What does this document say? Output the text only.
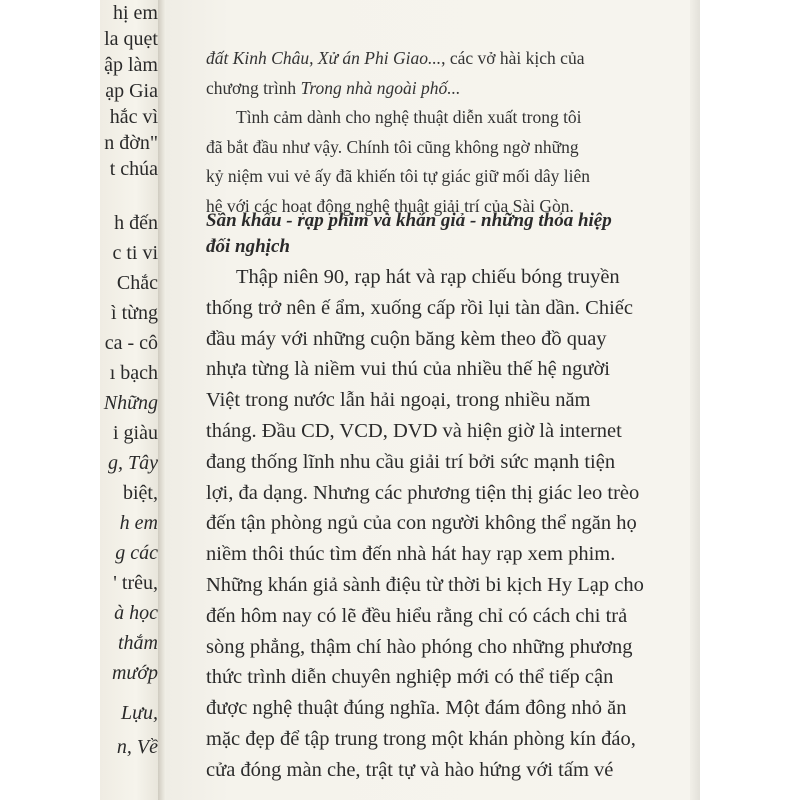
hị em
la quẹt
ập làm
ạp Gia
hắc vì
n đờn"
t chúa
h đến
c ti vi
Chắc
ì từng
ca - cô
ı bạch
Những
i giàu
g, Tây
biệt,
h em
g các
' trêu,
à học
thắm
mướp
Lựu,
n, Về
đất Kinh Châu, Xử án Phi Giao..., các vở hài kịch của
chương trình Trong nhà ngoài phố...
Tình cảm dành cho nghệ thuật diễn xuất trong tôi
đã bắt đầu như vậy. Chính tôi cũng không ngờ những
kỷ niệm vui vẻ ấy đã khiến tôi tự giác giữ mối dây liên
hệ với các hoạt động nghệ thuật giải trí của Sài Gòn.
Sân khấu - rạp phim và khán giả - những thỏa hiệp
đối nghịch
Thập niên 90, rạp hát và rạp chiếu bóng truyền
thống trở nên ế ẩm, xuống cấp rồi lụi tàn dần. Chiếc
đầu máy với những cuộn băng kèm theo đồ quay
nhựa từng là niềm vui thú của nhiều thế hệ người
Việt trong nước lẫn hải ngoại, trong nhiều năm
tháng. Đầu CD, VCD, DVD và hiện giờ là internet
đang thống lĩnh nhu cầu giải trí bởi sức mạnh tiện
lợi, đa dạng. Nhưng các phương tiện thị giác leo trèo
đến tận phòng ngủ của con người không thể ngăn họ
niềm thôi thúc tìm đến nhà hát hay rạp xem phim.
Những khán giả sành điệu từ thời bi kịch Hy Lạp cho
đến hôm nay có lẽ đều hiểu rằng chỉ có cách chi trả
sòng phẳng, thậm chí hào phóng cho những phương
thức trình diễn chuyên nghiệp mới có thể tiếp cận
được nghệ thuật đúng nghĩa. Một đám đông nhỏ ăn
mặc đẹp để tập trung trong một khán phòng kín đáo,
cửa đóng màn che, trật tự và hào hứng với tấm vé
